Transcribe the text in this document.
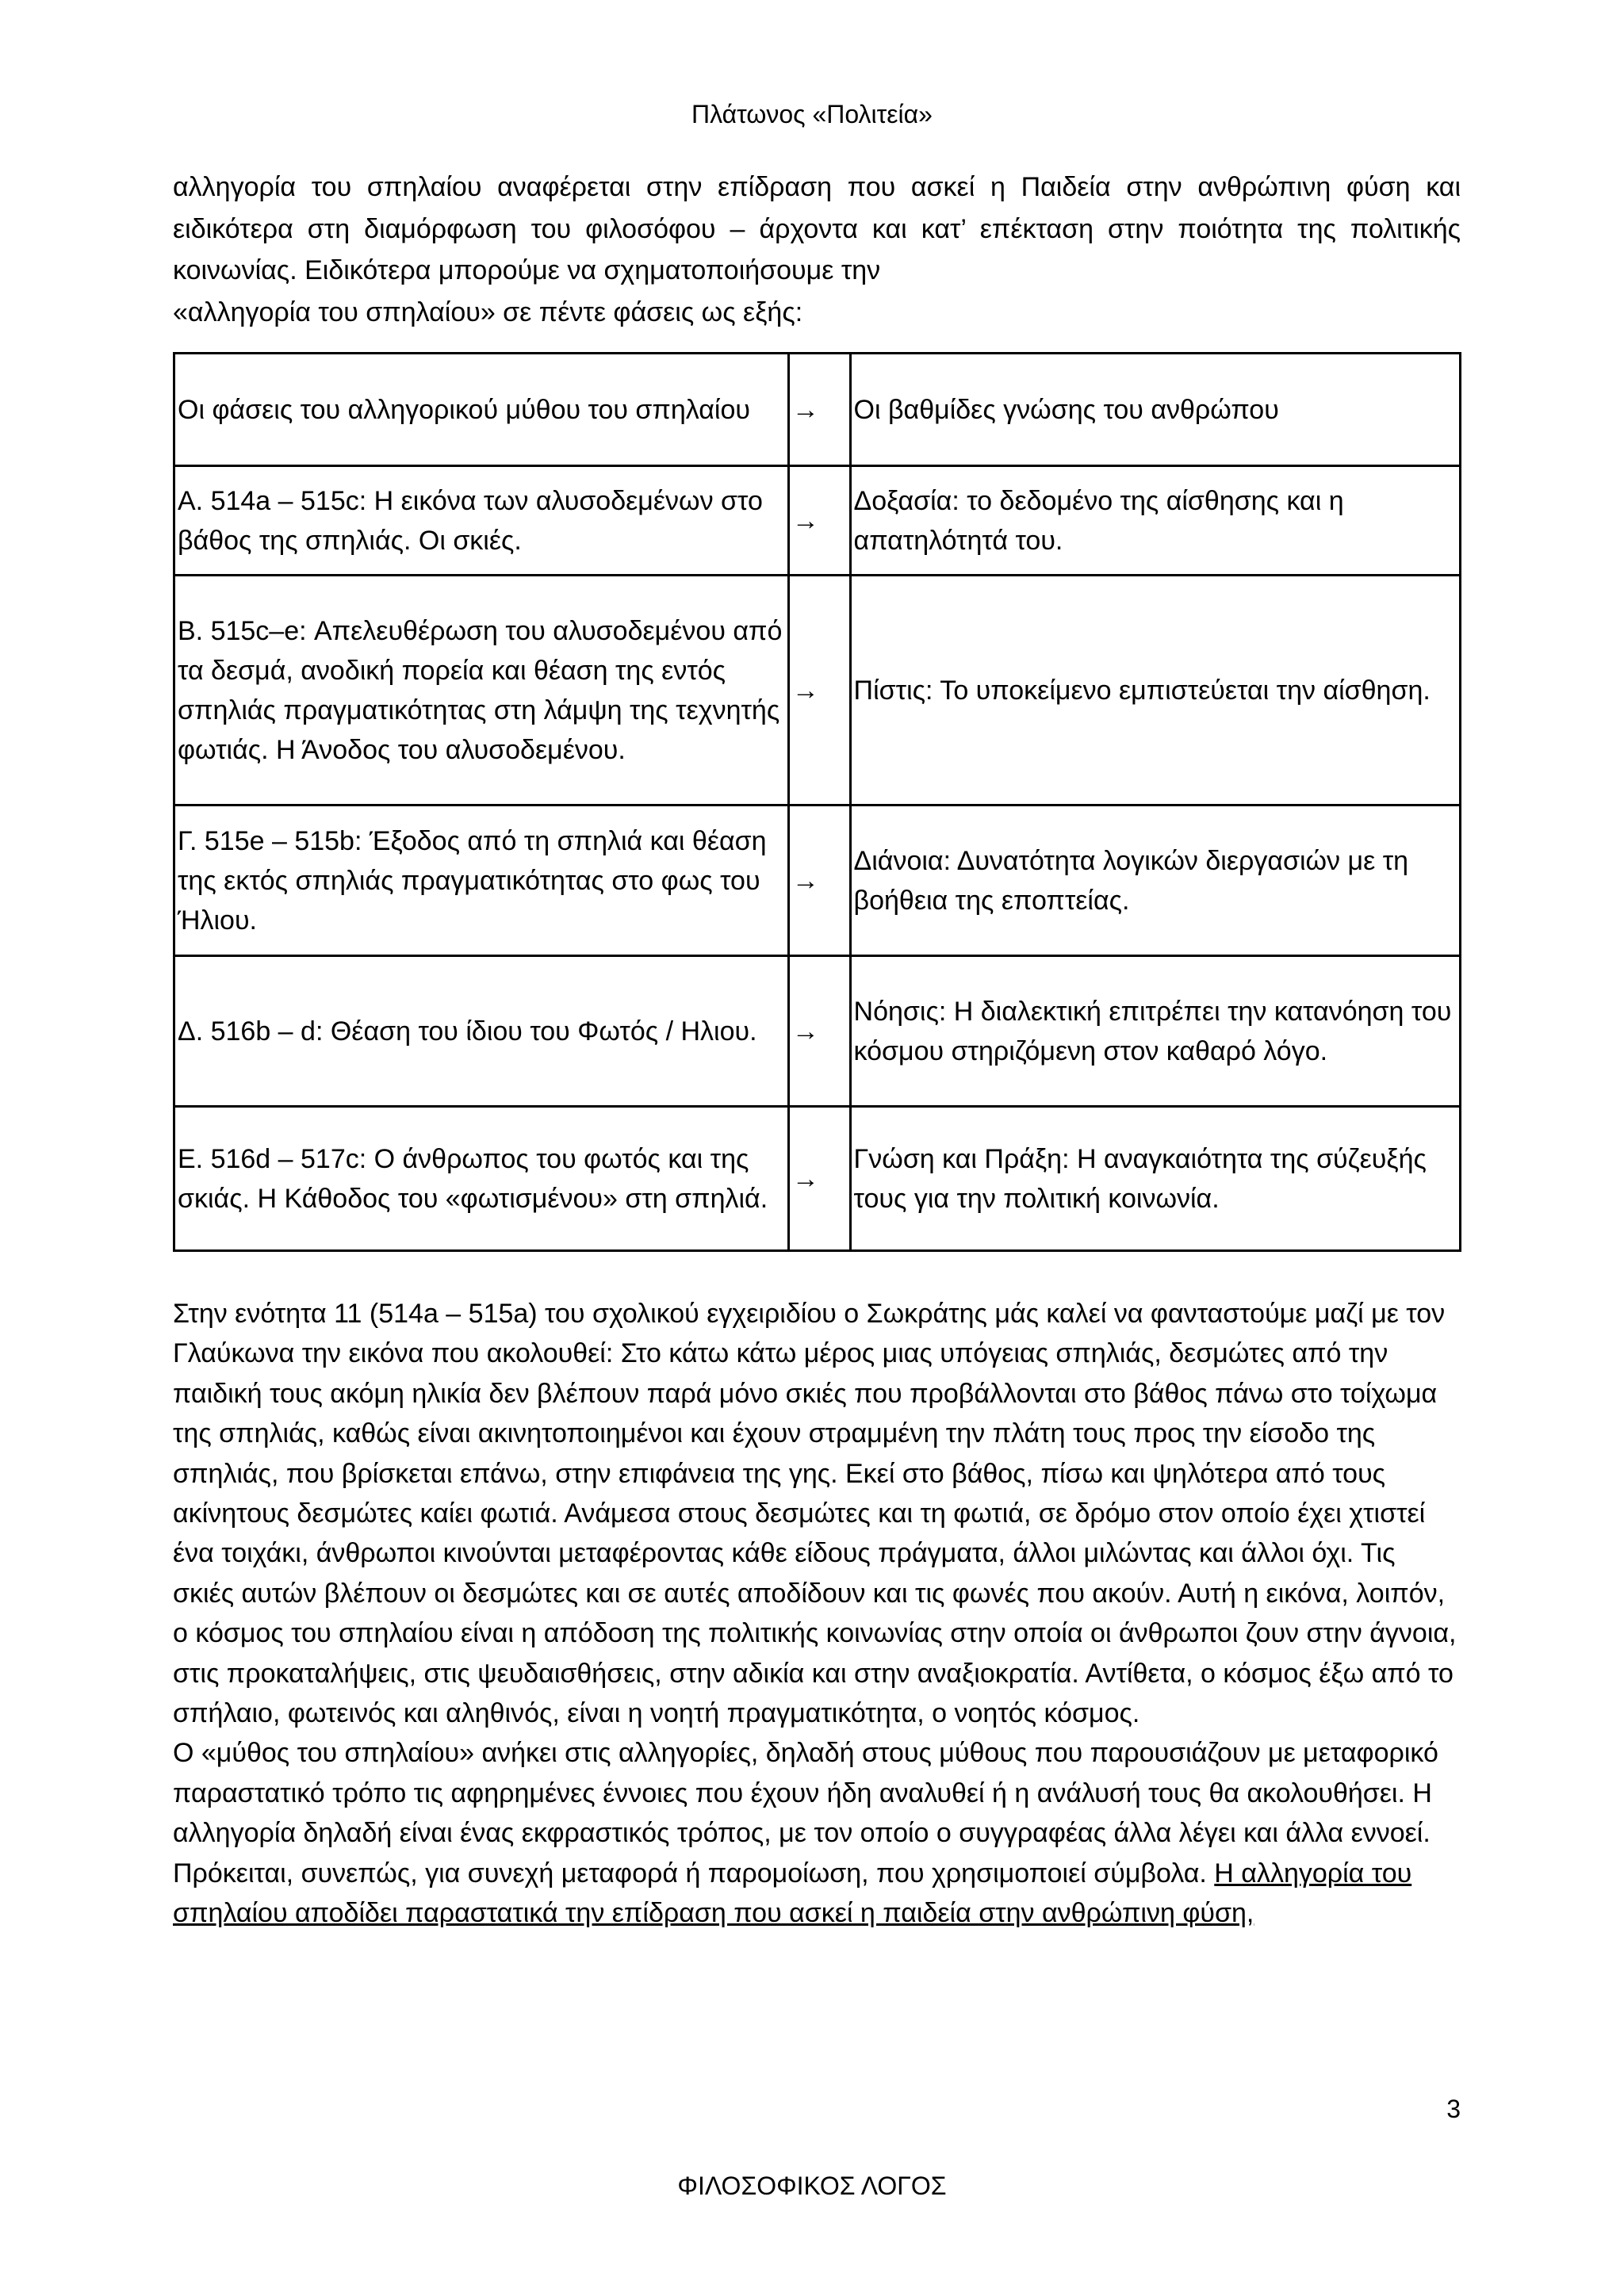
Πλάτωνος «Πολιτεία»
αλληγορία του σπηλαίου αναφέρεται στην επίδραση που ασκεί η Παιδεία στην ανθρώπινη φύση και ειδικότερα στη διαμόρφωση του φιλοσόφου – άρχοντα και κατ’ επέκταση στην ποιότητα της πολιτικής κοινωνίας. Ειδικότερα μπορούμε να σχηματοποιήσουμε την
«αλληγορία του σπηλαίου» σε πέντε φάσεις ως εξής:
Οι φάσεις του αλληγορικού μύθου του σπηλαίου	→	Οι βαθμίδες γνώσης του ανθρώπου
Α. 514a – 515c: Η εικόνα των αλυσοδεμένων στο βάθος της σπηλιάς. Οι σκιές.	→	Δοξασία: το δεδομένο της αίσθησης και η απατηλότητά του.
Β. 515c–e: Απελευθέρωση του αλυσοδεμένου από τα δεσμά, ανοδική πορεία και θέαση της εντός σπηλιάς πραγματικότητας στη λάμψη της τεχνητής φωτιάς. Η Άνοδος του αλυσοδεμένου.	→	Πίστις: Το υποκείμενο εμπιστεύεται την αίσθηση.
Γ. 515e – 515b: Έξοδος από τη σπηλιά και θέαση της εκτός σπηλιάς πραγματικότητας στο φως του Ήλιου.	→	Διάνοια: Δυνατότητα λογικών διεργασιών με τη βοήθεια της εποπτείας.
Δ. 516b – d: Θέαση του ίδιου του Φωτός / Ηλιου.	→	Νόησις: Η διαλεκτική επιτρέπει την κατανόηση του κόσμου στηριζόμενη στον καθαρό λόγο.
Ε. 516d – 517c: Ο άνθρωπος του φωτός και της σκιάς. Η Κάθοδος του «φωτισμένου» στη σπηλιά.	→	Γνώση και Πράξη: Η αναγκαιότητα της σύζευξής τους για την πολιτική κοινωνία.

Στην ενότητα 11 (514a – 515a) του σχολικού εγχειριδίου ο Σωκράτης μάς καλεί να φανταστούμε μαζί με τον Γλαύκωνα την εικόνα που ακολουθεί: Στο κάτω κάτω μέρος μιας υπόγειας σπηλιάς, δεσμώτες από την παιδική τους ακόμη ηλικία δεν βλέπουν παρά μόνο σκιές που προβάλλονται στο βάθος πάνω στο τοίχωμα της σπηλιάς, καθώς είναι ακινητοποιημένοι και έχουν στραμμένη την πλάτη τους προς την είσοδο της σπηλιάς, που βρίσκεται επάνω, στην επιφάνεια της γης. Εκεί στο βάθος, πίσω και ψηλότερα από τους ακίνητους δεσμώτες καίει φωτιά. Ανάμεσα στους δεσμώτες και τη φωτιά, σε δρόμο στον οποίο έχει χτιστεί ένα τοιχάκι, άνθρωποι κινούνται μεταφέροντας κάθε είδους πράγματα, άλλοι μιλώντας και άλλοι όχι. Τις σκιές αυτών βλέπουν οι δεσμώτες και σε αυτές αποδίδουν και τις φωνές που ακούν. Αυτή η εικόνα, λοιπόν, ο κόσμος του σπηλαίου είναι η απόδοση της πολιτικής κοινωνίας στην οποία οι άνθρωποι ζουν στην άγνοια, στις προκαταλήψεις, στις ψευδαισθήσεις, στην αδικία και στην αναξιοκρατία. Αντίθετα, ο κόσμος έξω από το σπήλαιο, φωτεινός και αληθινός, είναι η νοητή πραγματικότητα, ο νοητός κόσμος.

Ο «μύθος του σπηλαίου» ανήκει στις αλληγορίες, δηλαδή στους μύθους που παρουσιάζουν με μεταφορικό παραστατικό τρόπο τις αφηρημένες έννοιες που έχουν ήδη αναλυθεί ή η ανάλυσή τους θα ακολουθήσει. Η αλληγορία δηλαδή είναι ένας εκφραστικός τρόπος, με τον οποίο ο συγγραφέας άλλα λέγει και άλλα εννοεί. Πρόκειται, συνεπώς, για συνεχή μεταφορά ή παρομοίωση, που χρησιμοποιεί σύμβολα. Η αλληγορία του σπηλαίου αποδίδει παραστατικά την επίδραση που ασκεί η παιδεία στην ανθρώπινη φύση,

3
ΦΙΛΟΣΟΦΙΚΟΣ ΛΟΓΟΣ
